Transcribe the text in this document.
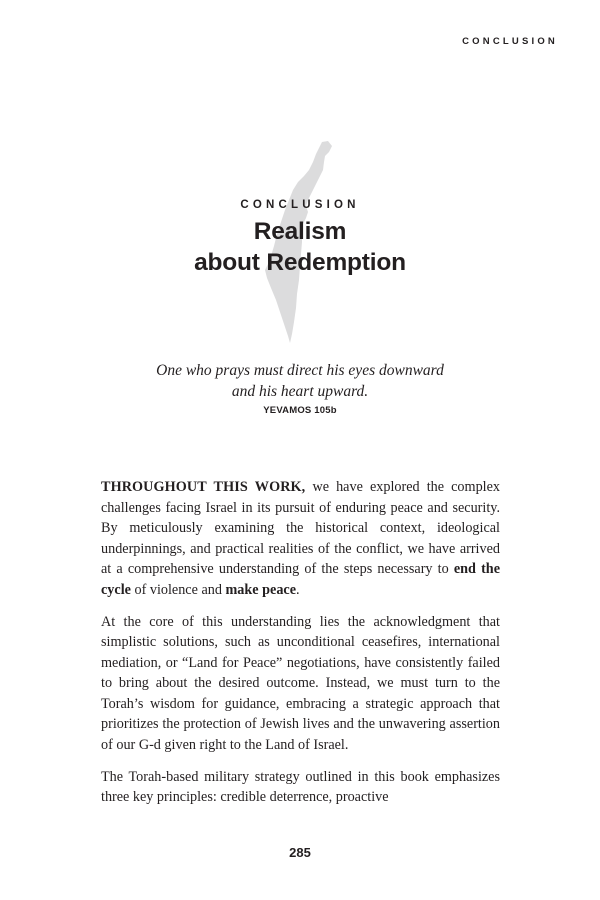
CONCLUSION
CONCLUSION
Realism
about Redemption
One who prays must direct his eyes downward
and his heart upward.
YEVAMOS 105b

THROUGHOUT THIS WORK, we have explored the complex challenges facing Israel in its pursuit of enduring peace and security. By meticulously examining the historical context, ideological underpinnings, and practical realities of the conflict, we have arrived at a comprehensive understanding of the steps necessary to end the cycle of violence and make peace.

At the core of this understanding lies the acknowledgment that simplistic solutions, such as unconditional ceasefires, international mediation, or “Land for Peace” negotiations, have consistently failed to bring about the desired outcome. Instead, we must turn to the Torah’s wisdom for guidance, embracing a strategic approach that prioritizes the protection of Jewish lives and the unwavering assertion of our G-d given right to the Land of Israel.

The Torah-based military strategy outlined in this book emphasizes three key principles: credible deterrence, proactive

285
